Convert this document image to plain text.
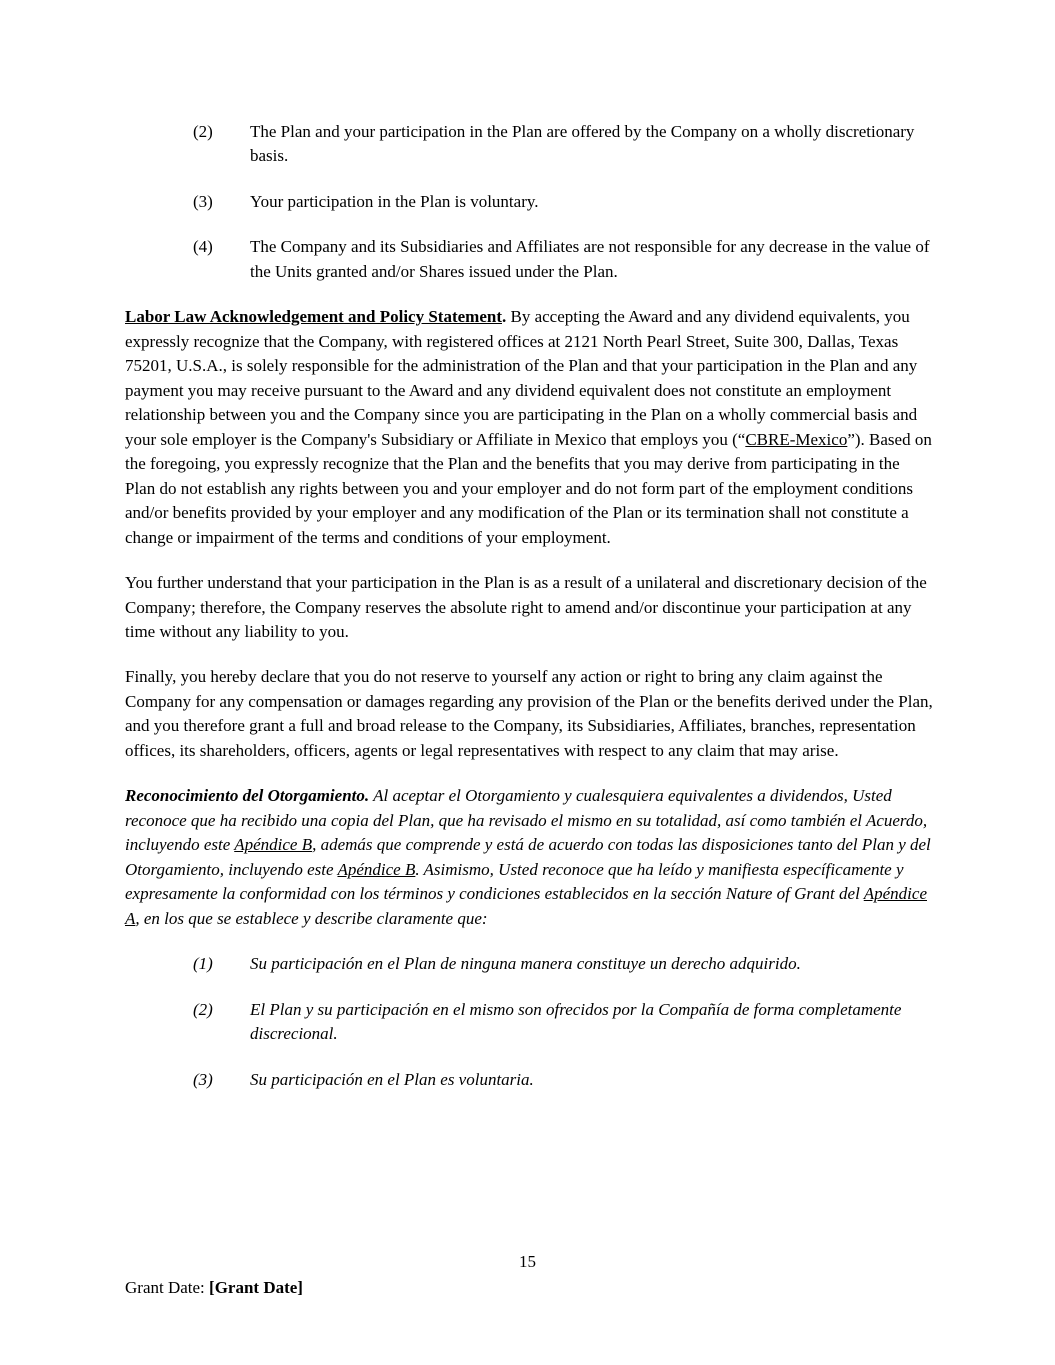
(2)	The Plan and your participation in the Plan are offered by the Company on a wholly discretionary basis.
(3)	Your participation in the Plan is voluntary.
(4)	The Company and its Subsidiaries and Affiliates are not responsible for any decrease in the value of the Units granted and/or Shares issued under the Plan.

Labor Law Acknowledgement and Policy Statement. By accepting the Award and any dividend equivalents, you expressly recognize that the Company, with registered offices at 2121 North Pearl Street, Suite 300, Dallas, Texas 75201, U.S.A., is solely responsible for the administration of the Plan and that your participation in the Plan and any payment you may receive pursuant to the Award and any dividend equivalent does not constitute an employment relationship between you and the Company since you are participating in the Plan on a wholly commercial basis and your sole employer is the Company's Subsidiary or Affiliate in Mexico that employs you (“CBRE-Mexico”). Based on the foregoing, you expressly recognize that the Plan and the benefits that you may derive from participating in the Plan do not establish any rights between you and your employer and do not form part of the employment conditions and/or benefits provided by your employer and any modification of the Plan or its termination shall not constitute a change or impairment of the terms and conditions of your employment.

You further understand that your participation in the Plan is as a result of a unilateral and discretionary decision of the Company; therefore, the Company reserves the absolute right to amend and/or discontinue your participation at any time without any liability to you.

Finally, you hereby declare that you do not reserve to yourself any action or right to bring any claim against the Company for any compensation or damages regarding any provision of the Plan or the benefits derived under the Plan, and you therefore grant a full and broad release to the Company, its Subsidiaries, Affiliates, branches, representation offices, its shareholders, officers, agents or legal representatives with respect to any claim that may arise.

Reconocimiento del Otorgamiento. Al aceptar el Otorgamiento y cualesquiera equivalentes a dividendos, Usted reconoce que ha recibido una copia del Plan, que ha revisado el mismo en su totalidad, así como también el Acuerdo, incluyendo este Apéndice B, además que comprende y está de acuerdo con todas las disposiciones tanto del Plan y del Otorgamiento, incluyendo este Apéndice B. Asimismo, Usted reconoce que ha leído y manifiesta específicamente y expresamente la conformidad con los términos y condiciones establecidos en la sección Nature of Grant del Apéndice A, en los que se establece y describe claramente que:

(1)	Su participación en el Plan de ninguna manera constituye un derecho adquirido.
(2)	El Plan y su participación en el mismo son ofrecidos por la Compañía de forma completamente discrecional.
(3)	Su participación en el Plan es voluntaria.
15
Grant Date: [Grant Date]
